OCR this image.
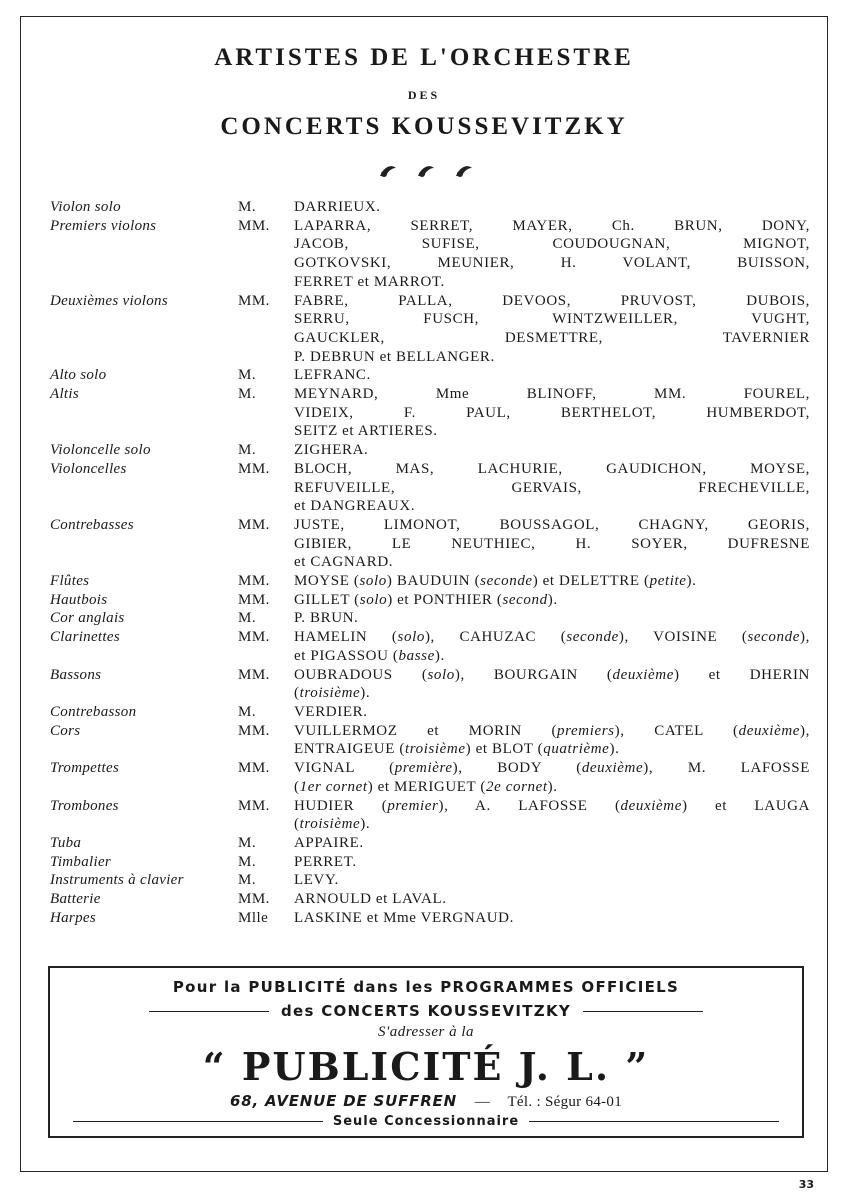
ARTISTES DE L'ORCHESTRE
DES
CONCERTS KOUSSEVITZKY
Violon solo	M.	DARRIEUX.
Premiers violons	MM.	LAPARRA, SERRET, MAYER, Ch. BRUN, DONY,
JACOB, SUFISE, COUDOUGNAN, MIGNOT,
GOTKOVSKI, MEUNIER, H. VOLANT, BUISSON,
FERRET et MARROT.
Deuxièmes violons	MM.	FABRE, PALLA, DEVOOS, PRUVOST, DUBOIS,
SERRU, FUSCH, WINTZWEILLER, VUGHT,
GAUCKLER, DESMETTRE, TAVERNIER
P. DEBRUN et BELLANGER.
Alto solo	M.	LEFRANC.
Altis	M.	MEYNARD, Mme BLINOFF, MM. FOUREL,
VIDEIX, F. PAUL, BERTHELOT, HUMBERDOT,
SEITZ et ARTIERES.
Violoncelle solo	M.	ZIGHERA.
Violoncelles	MM.	BLOCH, MAS, LACHURIE, GAUDICHON, MOYSE,
REFUVEILLE, GERVAIS, FRECHEVILLE,
et DANGREAUX.
Contrebasses	MM.	JUSTE, LIMONOT, BOUSSAGOL, CHAGNY, GEORIS,
GIBIER, LE NEUTHIEC, H. SOYER, DUFRESNE
et CAGNARD.
Flûtes	MM.	MOYSE (solo) BAUDUIN (seconde) et DELETTRE (petite).
Hautbois	MM.	GILLET (solo) et PONTHIER (second).
Cor anglais	M.	P. BRUN.
Clarinettes	MM.	HAMELIN (solo), CAHUZAC (seconde), VOISINE (seconde),
et PIGASSOU (basse).
Bassons	MM.	OUBRADOUS (solo), BOURGAIN (deuxième) et DHERIN
(troisième).
Contrebasson	M.	VERDIER.
Cors	MM.	VUILLERMOZ et MORIN (premiers), CATEL (deuxième),
ENTRAIGEUE (troisième) et BLOT (quatrième).
Trompettes	MM.	VIGNAL (première), BODY (deuxième), M. LAFOSSE
(1er cornet) et MERIGUET (2e cornet).
Trombones	MM.	HUDIER (premier), A. LAFOSSE (deuxième) et LAUGA
(troisième).
Tuba	M.	APPAIRE.
Timbalier	M.	PERRET.
Instruments à clavier	M.	LEVY.
Batterie	MM.	ARNOULD et LAVAL.
Harpes	Mlle	LASKINE et Mme VERGNAUD.
Pour la PUBLICITÉ dans les PROGRAMMES OFFICIELS
des CONCERTS KOUSSEVITZKY
S'adresser à la
“ PUBLICITÉ J. L. ”
68, AVENUE DE SUFFREN — Tél. : Ségur 64-01
Seule Concessionnaire
33
